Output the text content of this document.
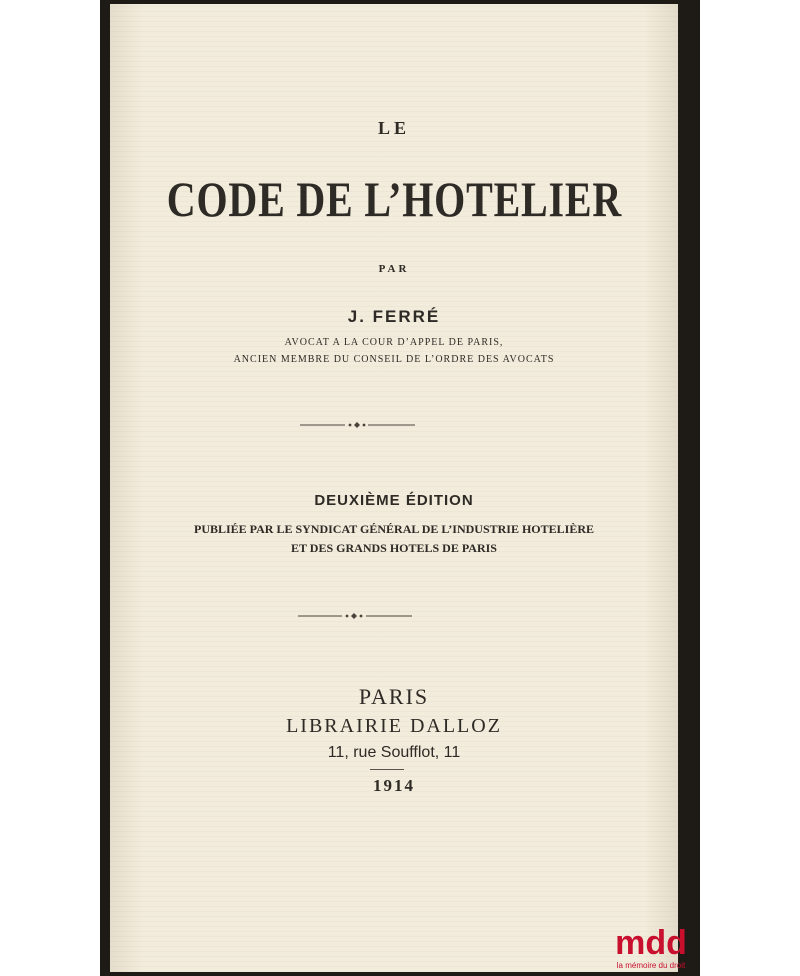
LE
CODE DE L’HOTELIER
PAR
J. FERRÉ
AVOCAT A LA COUR D’APPEL DE PARIS,
ANCIEN MEMBRE DU CONSEIL DE L’ORDRE DES AVOCATS
DEUXIÈME ÉDITION
PUBLIÉE PAR LE SYNDICAT GÉNÉRAL DE L’INDUSTRIE HOTELIÈRE
ET DES GRANDS HOTELS DE PARIS
PARIS
LIBRAIRIE DALLOZ
11, rue Soufflot, 11
1914
mdd
la mémoire du droit
